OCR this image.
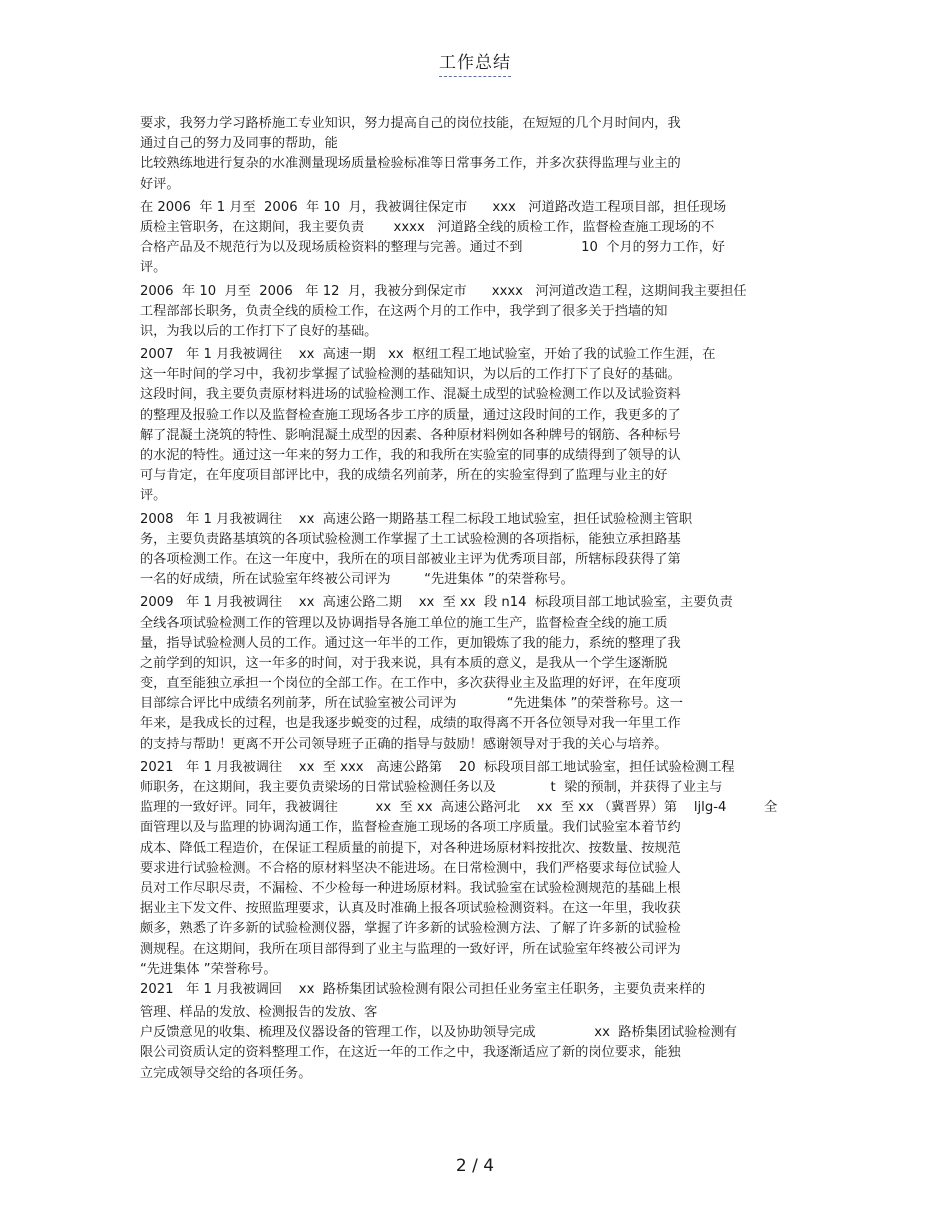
工作总结
要求，我努力学习路桥施工专业知识，努力提高自己的岗位技能，在短短的几个月时间内，我
通过自己的努力及同事的帮助，能
比较熟练地进行复杂的水准测量现场质量检验标准等日常事务工作，并多次获得监理与业主的
好评。
在 2006  年 1 月至  2006  年 10  月，我被调往保定市      xxx   河道路改造工程项目部，担任现场
质检主管职务，在这期间，我主要负责       xxxx   河道路全线的质检工作，监督检查施工现场的不
合格产品及不规范行为以及现场质检资料的整理与完善。通过不到              10  个月的努力工作，好
评。
2006  年 10  月至  2006   年 12  月，我被分到保定市      xxxx   河河道改造工程，这期间我主要担任
工程部部长职务，负责全线的质检工作，在这两个月的工作中，我学到了很多关于挡墙的知
识，为我以后的工作打下了良好的基础。
2007   年 1 月我被调往    xx  高速一期   xx  枢纽工程工地试验室，开始了我的试验工作生涯，在
这一年时间的学习中，我初步掌握了试验检测的基础知识，为以后的工作打下了良好的基础。
这段时间，我主要负责原材料进场的试验检测工作、混凝土成型的试验检测工作以及试验资料
的整理及报验工作以及监督检查施工现场各步工序的质量，通过这段时间的工作，我更多的了
解了混凝土浇筑的特性、影响混凝土成型的因素、各种原材料例如各种牌号的钢筋、各种标号
的水泥的特性。通过这一年来的努力工作，我的和我所在实验室的同事的成绩得到了领导的认
可与肯定，在年度项目部评比中，我的成绩名列前茅，所在的实验室得到了监理与业主的好
评。
2008   年 1 月我被调往    xx  高速公路一期路基工程二标段工地试验室，担任试验检测主管职
务，主要负责路基填筑的各项试验检测工作掌握了土工试验检测的各项指标，能独立承担路基
的各项检测工作。在这一年度中，我所在的项目部被业主评为优秀项目部，所辖标段获得了第
一名的好成绩，所在试验室年终被公司评为        “先进集体 ”的荣誉称号。
2009   年 1 月我被调往    xx  高速公路二期    xx  至 xx  段 n14  标段项目部工地试验室，主要负责
全线各项试验检测工作的管理以及协调指导各施工单位的施工生产，监督检查全线的施工质
量，指导试验检测人员的工作。通过这一年半的工作，更加锻炼了我的能力，系统的整理了我
之前学到的知识，这一年多的时间，对于我来说，具有本质的意义，是我从一个学生逐渐脱
变，直至能独立承担一个岗位的全部工作。在工作中，多次获得业主及监理的好评，在年度项
目部综合评比中成绩名列前茅，所在试验室被公司评为            “先进集体 ”的荣誉称号。这一
年来，是我成长的过程，也是我逐步蜕变的过程，成绩的取得离不开各位领导对我一年里工作
的支持与帮助！更离不开公司领导班子正确的指导与鼓励！感谢领导对于我的关心与培养。
2021   年 1 月我被调往    xx  至 xxx   高速公路第    20  标段项目部工地试验室，担任试验检测工程
师职务，在这期间，我主要负责梁场的日常试验检测任务以及             t  梁的预制，并获得了业主与
监理的一致好评。同年，我被调往         xx  至 xx  高速公路河北    xx  至 xx （冀晋界）第    ljlg-4         全
面管理以及与监理的协调沟通工作，监督检查施工现场的各项工序质量。我们试验室本着节约
成本、降低工程造价，在保证工程质量的前提下，对各种进场原材料按批次、按数量、按规范
要求进行试验检测。不合格的原材料坚决不能进场。在日常检测中，我们严格要求每位试验人
员对工作尽职尽责，不漏检、不少检每一种进场原材料。我试验室在试验检测规范的基础上根
据业主下发文件、按照监理要求，认真及时准确上报各项试验检测资料。在这一年里，我收获
颇多，熟悉了许多新的试验检测仪器，掌握了许多新的试验检测方法、了解了许多新的试验检
测规程。在这期间，我所在项目部得到了业主与监理的一致好评，所在试验室年终被公司评为
“先进集体 ”荣誉称号。
2021   年 1 月我被调回    xx  路桥集团试验检测有限公司担任业务室主任职务，主要负责来样的
管理、样品的发放、检测报告的发放、客
户反馈意见的收集、梳理及仪器设备的管理工作，以及协助领导完成              xx  路桥集团试验检测有
限公司资质认定的资料整理工作，在这近一年的工作之中，我逐渐适应了新的岗位要求，能独
立完成领导交给的各项任务。
2 / 4
